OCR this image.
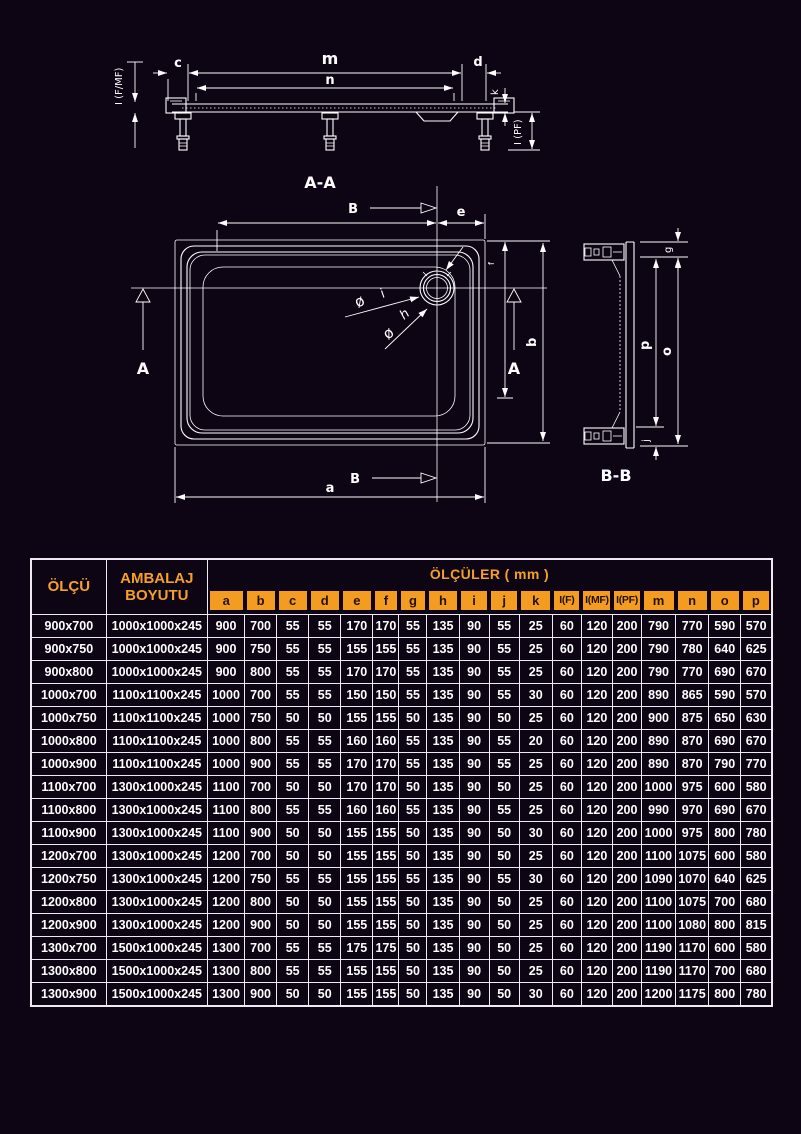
c	m
n
d
I (F/MF)	k
I (PF)
A-A
B
B
e
f
A	A
b
a
ø i
ø
h
g
o
p
j
B-B
ÖLÇÜ	AMBALAJ BOYUTU	ÖLÇÜLER ( mm )																	

		a	b	c	d	e	f	g	h	i	j	k	I(F)	I(MF)	I(PF)	m	n	o	p

900x700	1000x1000x245	900	700	55	55	170	170	55	135	90	55	25	60	120	200	790	770	590	570
900x750	1000x1000x245	900	750	55	55	155	155	55	135	90	55	25	60	120	200	790	780	640	625
900x800	1000x1000x245	900	800	55	55	170	170	55	135	90	55	25	60	120	200	790	770	690	670
1000x700	1100x1100x245	1000	700	55	55	150	150	55	135	90	55	30	60	120	200	890	865	590	570
1000x750	1100x1100x245	1000	750	50	50	155	155	50	135	90	50	25	60	120	200	900	875	650	630
1000x800	1100x1100x245	1000	800	55	55	160	160	55	135	90	55	20	60	120	200	890	870	690	670
1000x900	1100x1100x245	1000	900	55	55	170	170	55	135	90	55	25	60	120	200	890	870	790	770
1100x700	1300x1000x245	1100	700	50	50	170	170	50	135	90	50	25	60	120	200	1000	975	600	580
1100x800	1300x1000x245	1100	800	55	55	160	160	55	135	90	55	25	60	120	200	990	970	690	670
1100x900	1300x1000x245	1100	900	50	50	155	155	50	135	90	50	30	60	120	200	1000	975	800	780
1200x700	1300x1000x245	1200	700	50	50	155	155	50	135	90	50	25	60	120	200	1100	1075	600	580
1200x750	1300x1000x245	1200	750	55	55	155	155	55	135	90	55	30	60	120	200	1090	1070	640	625
1200x800	1300x1000x245	1200	800	50	50	155	155	50	135	90	50	25	60	120	200	1100	1075	700	680
1200x900	1300x1000x245	1200	900	50	50	155	155	50	135	90	50	25	60	120	200	1100	1080	800	815
1300x700	1500x1000x245	1300	700	55	55	175	175	50	135	90	50	25	60	120	200	1190	1170	600	580
1300x800	1500x1000x245	1300	800	55	55	155	155	50	135	90	50	25	60	120	200	1190	1170	700	680
1300x900	1500x1000x245	1300	900	50	50	155	155	50	135	90	50	30	60	120	200	1200	1175	800	780
